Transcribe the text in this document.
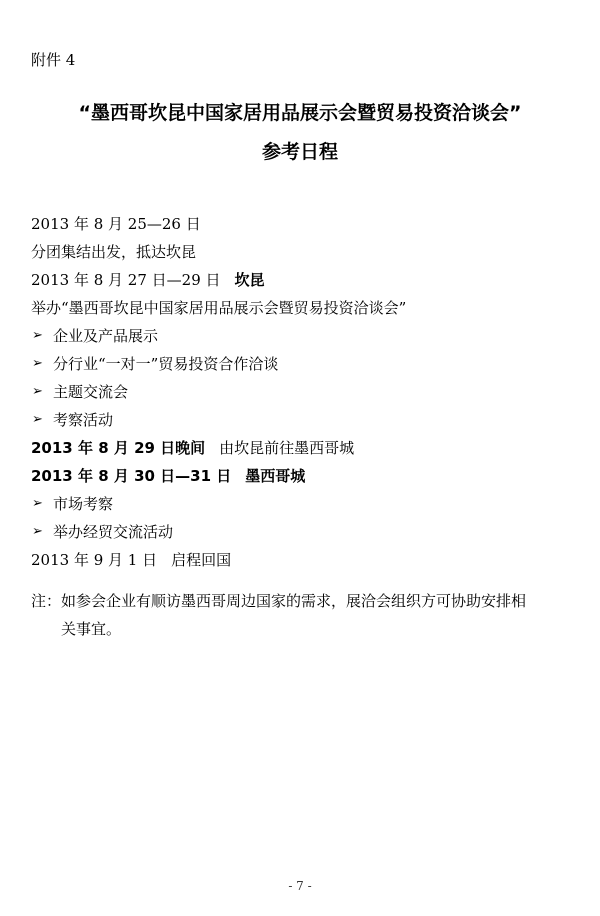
附件 4
“墨西哥坎昆中国家居用品展示会暨贸易投资洽谈会”
参考日程
2013 年 8 月 25—26 日
分团集结出发，抵达坎昆
2013 年 8 月 27 日—29 日 坎昆
举办“墨西哥坎昆中国家居用品展示会暨贸易投资洽谈会”
➢ 企业及产品展示
➢ 分行业“一对一”贸易投资合作洽谈
➢ 主题交流会
➢ 考察活动
2013 年 8 月 29 日晚间 由坎昆前往墨西哥城
2013 年 8 月 30 日—31 日 墨西哥城
➢ 市场考察
➢ 举办经贸交流活动
2013 年 9 月 1 日 启程回国
注：如参会企业有顺访墨西哥周边国家的需求，展洽会组织方可协助安排相
关事宜。
- 7 -
